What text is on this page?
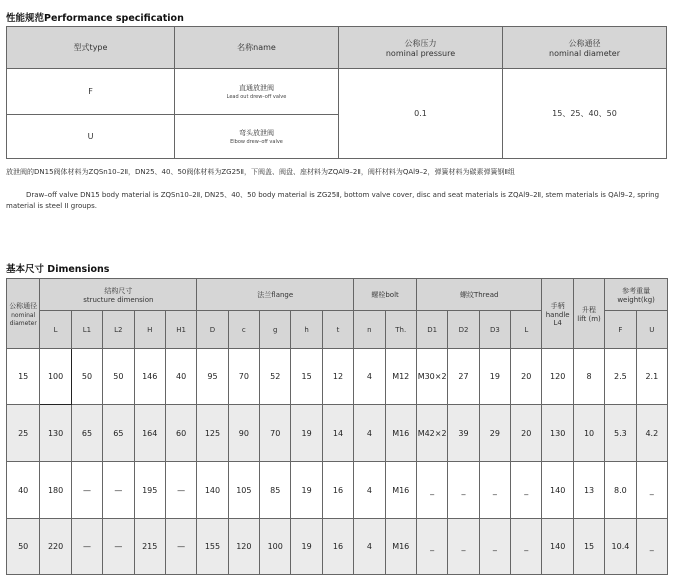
性能规范Performance specification
型式type	名称name	公称压力
nominal pressure	公称通径
nominal diameter
F	直通放泄阀
Lead out drew–off valve	0.1	15、25、40、50
U	弯头放泄阀
Elbow drew–off valve		
放泄阀的DN15阀体材料为ZQSn10–2Ⅱ，DN25、40、50阀体材料为ZG25Ⅱ，下阀盖、阀盘、座材料为ZQAl9–2Ⅱ，阀杆材料为QAl9–2，弹簧材料为碳素弹簧钢Ⅱ组
Draw–off valve DN15 body material is ZQSn10–2Ⅱ, DN25、40、50 body material is ZG25Ⅱ, bottom valve cover, disc and seat materials is ZQAl9–2Ⅱ, stem materials is QAl9–2, spring material is steel II groups.
基本尺寸 Dimensions
公称通径
nominal diameter	结构尺寸
structure dimension					法兰flange					螺栓bolt		螺纹Thread				手柄
handle
L4	升程
lift (m)	参考重量
weight(kg)	
	L	L1	L2	H	H1	D	c	g	h	t	n	Th.	D1	D2	D3	L			F	U
15	100	50	50	146	40	95	70	52	15	12	4	M12	M30×2	27	19	20	120	8	2.5	2.1
25	130	65	65	164	60	125	90	70	19	14	4	M16	M42×2	39	29	20	130	10	5.3	4.2
40	180	—	—	195	—	140	105	85	19	16	4	M16	_	_	_	_	140	13	8.0	_
50	220	—	—	215	—	155	120	100	19	16	4	M16	_	_	_	_	140	15	10.4	_
